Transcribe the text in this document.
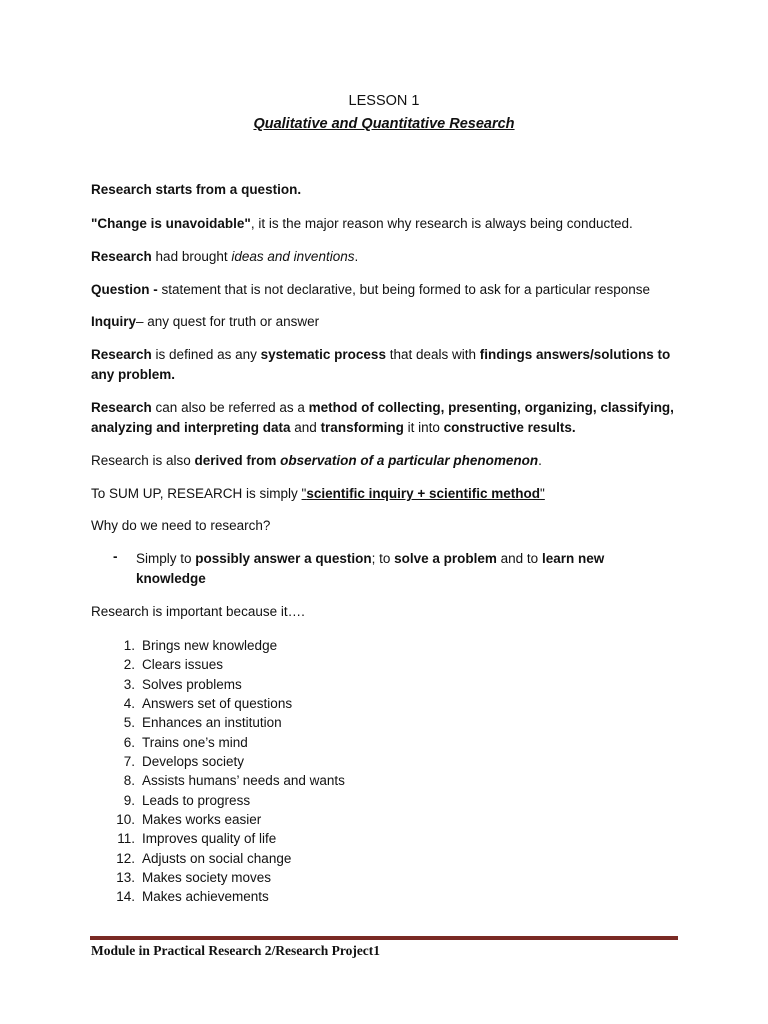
LESSON 1
Qualitative and Quantitative Research
Research starts from a question.
"Change is unavoidable", it is the major reason why research is always being conducted.
Research had brought ideas and inventions.
Question - statement that is not declarative, but being formed to ask for a particular response
Inquiry– any quest for truth or answer
Research is defined as any systematic process that deals with findings answers/solutions to any problem.
Research can also be referred as a method of collecting, presenting, organizing, classifying, analyzing and interpreting data and transforming it into constructive results.
Research is also derived from observation of a particular phenomenon.
To SUM UP, RESEARCH is simply "scientific inquiry + scientific method"
Why do we need to research?
- Simply to possibly answer a question; to solve a problem and to learn new knowledge
Research is important because it….
1. Brings new knowledge
2. Clears issues
3. Solves problems
4. Answers set of questions
5. Enhances an institution
6. Trains one’s mind
7. Develops society
8. Assists humans’ needs and wants
9. Leads to progress
10. Makes works easier
11. Improves quality of life
12. Adjusts on social change
13. Makes society moves
14. Makes achievements
Module in Practical Research 2/Research Project1
